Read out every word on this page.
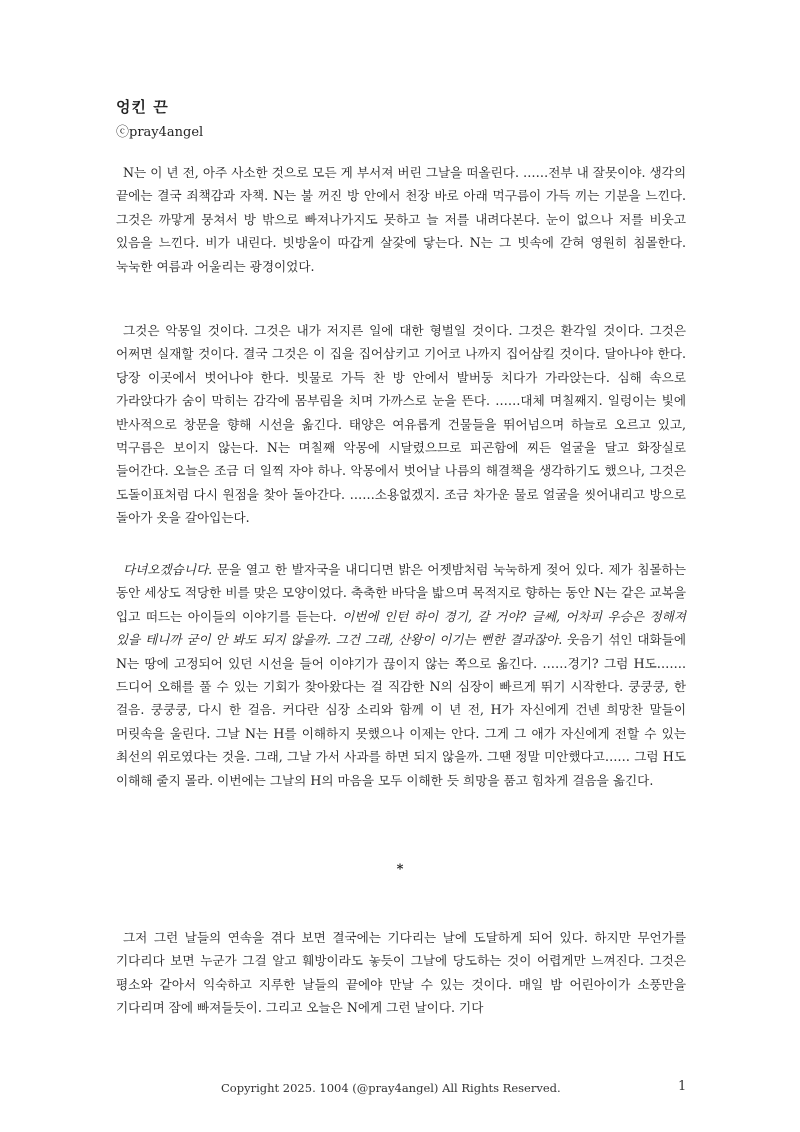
엉킨 끈
ⓒpray4angel

N는 이 년 전, 아주 사소한 것으로 모든 게 부서져 버린 그날을 떠올린다. ……전부 내 잘못이야. 생각의 끝에는 결국 죄책감과 자책. N는 불 꺼진 방 안에서 천장 바로 아래 먹구름이 가득 끼는 기분을 느낀다. 그것은 까맣게 뭉쳐서 방 밖으로 빠져나가지도 못하고 늘 저를 내려다본다. 눈이 없으나 저를 비웃고 있음을 느낀다. 비가 내린다. 빗방울이 따갑게 살갗에 닿는다. N는 그 빗속에 갇혀 영원히 침몰한다. 눅눅한 여름과 어울리는 광경이었다.

그것은 악몽일 것이다. 그것은 내가 저지른 일에 대한 형벌일 것이다. 그것은 환각일 것이다. 그것은 어쩌면 실재할 것이다. 결국 그것은 이 집을 집어삼키고 기어코 나까지 집어삼킬 것이다. 달아나야 한다. 당장 이곳에서 벗어나야 한다. 빗물로 가득 찬 방 안에서 발버둥 치다가 가라앉는다. 심해 속으로 가라앉다가 숨이 막히는 감각에 몸부림을 치며 가까스로 눈을 뜬다. ……대체 며칠째지. 일렁이는 빛에 반사적으로 창문을 향해 시선을 옮긴다. 태양은 여유롭게 건물들을 뛰어넘으며 하늘로 오르고 있고, 먹구름은 보이지 않는다. N는 며칠째 악몽에 시달렸으므로 피곤함에 찌든 얼굴을 달고 화장실로 들어간다. 오늘은 조금 더 일찍 자야 하나. 악몽에서 벗어날 나름의 해결책을 생각하기도 했으나, 그것은 도돌이표처럼 다시 원점을 찾아 돌아간다. ……소용없겠지. 조금 차가운 물로 얼굴을 씻어내리고 방으로 돌아가 옷을 갈아입는다.

다녀오겠습니다. 문을 열고 한 발자국을 내디디면 밝은 어젯밤처럼 눅눅하게 젖어 있다. 제가 침몰하는 동안 세상도 적당한 비를 맞은 모양이었다. 축축한 바닥을 밟으며 목적지로 향하는 동안 N는 같은 교복을 입고 떠드는 아이들의 이야기를 듣는다. 이번에 인턴 하이 경기, 갈 거야? 글쎄, 어차피 우승은 정해져 있을 테니까 굳이 안 봐도 되지 않을까. 그건 그래, 산왕이 이기는 뻔한 결과잖아. 웃음기 섞인 대화들에 N는 땅에 고정되어 있던 시선을 들어 이야기가 끊이지 않는 쪽으로 옮긴다. ……경기? 그럼 H도……. 드디어 오해를 풀 수 있는 기회가 찾아왔다는 걸 직감한 N의 심장이 빠르게 뛰기 시작한다. 쿵쿵쿵, 한 걸음. 쿵쿵쿵, 다시 한 걸음. 커다란 심장 소리와 함께 이 년 전, H가 자신에게 건넨 희망찬 말들이 머릿속을 울린다. 그날 N는 H를 이해하지 못했으나 이제는 안다. 그게 그 애가 자신에게 전할 수 있는 최선의 위로였다는 것을. 그래, 그날 가서 사과를 하면 되지 않을까. 그땐 정말 미안했다고…… 그럼 H도 이해해 줄지 몰라. 이번에는 그날의 H의 마음을 모두 이해한 듯 희망을 품고 힘차게 걸음을 옮긴다.

*

그저 그런 날들의 연속을 겪다 보면 결국에는 기다리는 날에 도달하게 되어 있다. 하지만 무언가를 기다리다 보면 누군가 그걸 알고 훼방이라도 놓듯이 그날에 당도하는 것이 어렵게만 느껴진다. 그것은 평소와 같아서 익숙하고 지루한 날들의 끝에야 만날 수 있는 것이다. 매일 밤 어린아이가 소풍만을 기다리며 잠에 빠져들듯이. 그리고 오늘은 N에게 그런 날이다. 기다

Copyright 2025. 1004 (@pray4angel) All Rights Reserved.	1
